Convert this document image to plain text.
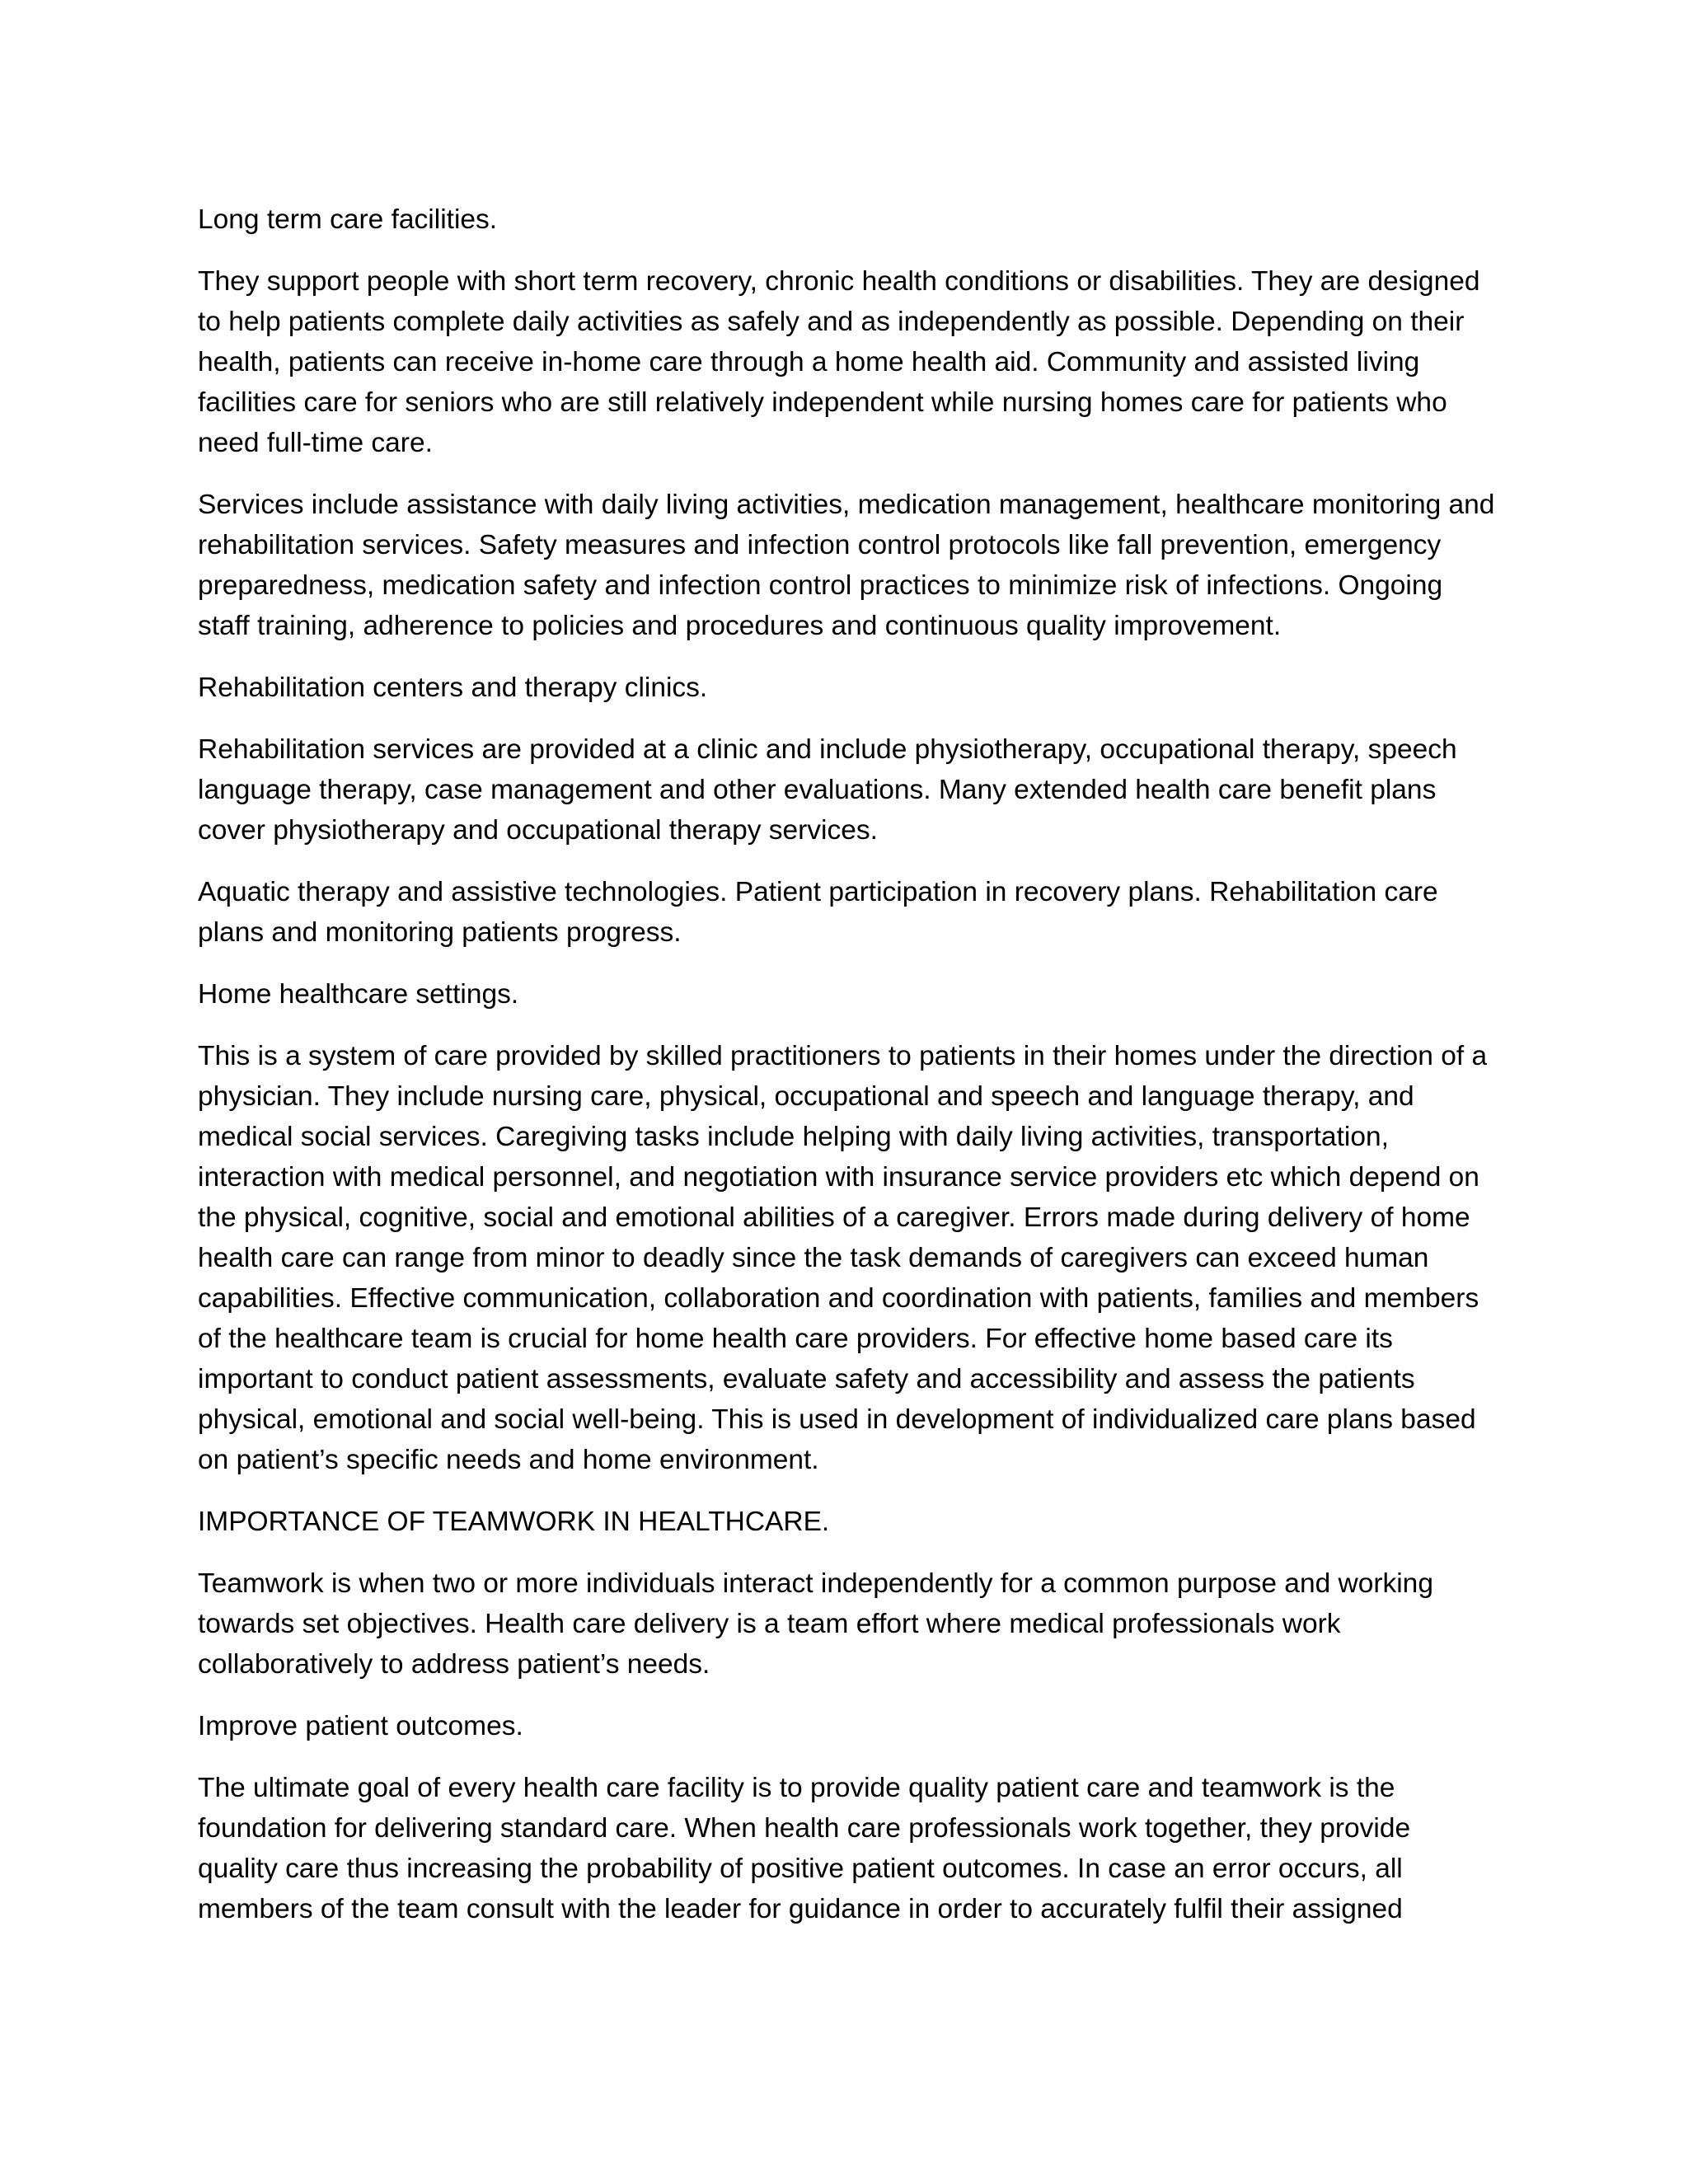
Long term care facilities.

They support people with short term recovery, chronic health conditions or disabilities. They are designed to help patients complete daily activities as safely and as independently as possible. Depending on their health, patients can receive in-home care through a home health aid. Community and assisted living facilities care for seniors who are still relatively independent while nursing homes care for patients who need full-time care.

Services include assistance with daily living activities, medication management, healthcare monitoring and rehabilitation services. Safety measures and infection control protocols like fall prevention, emergency preparedness, medication safety and infection control practices to minimize risk of infections. Ongoing staff training, adherence to policies and procedures and continuous quality improvement.

Rehabilitation centers and therapy clinics.

Rehabilitation services are provided at a clinic and include physiotherapy, occupational therapy, speech language therapy, case management and other evaluations. Many extended health care benefit plans cover physiotherapy and occupational therapy services.

Aquatic therapy and assistive technologies. Patient participation in recovery plans. Rehabilitation care plans and monitoring patients progress.

Home healthcare settings.

This is a system of care provided by skilled practitioners to patients in their homes under the direction of a physician. They include nursing care, physical, occupational and speech and language therapy, and medical social services. Caregiving tasks include helping with daily living activities, transportation, interaction with medical personnel, and negotiation with insurance service providers etc which depend on the physical, cognitive, social and emotional abilities of a caregiver. Errors made during delivery of home health care can range from minor to deadly since the task demands of caregivers can exceed human capabilities. Effective communication, collaboration and coordination with patients, families and members of the healthcare team is crucial for home health care providers. For effective home based care its important to conduct patient assessments, evaluate safety and accessibility and assess the patients physical, emotional and social well-being. This is used in development of individualized care plans based on patient’s specific needs and home environment.

IMPORTANCE OF TEAMWORK IN HEALTHCARE.

Teamwork is when two or more individuals interact independently for a common purpose and working towards set objectives. Health care delivery is a team effort where medical professionals work collaboratively to address patient’s needs.

Improve patient outcomes.

The ultimate goal of every health care facility is to provide quality patient care and teamwork is the foundation for delivering standard care. When health care professionals work together, they provide quality care thus increasing the probability of positive patient outcomes. In case an error occurs, all members of the team consult with the leader for guidance in order to accurately fulfil their assigned
